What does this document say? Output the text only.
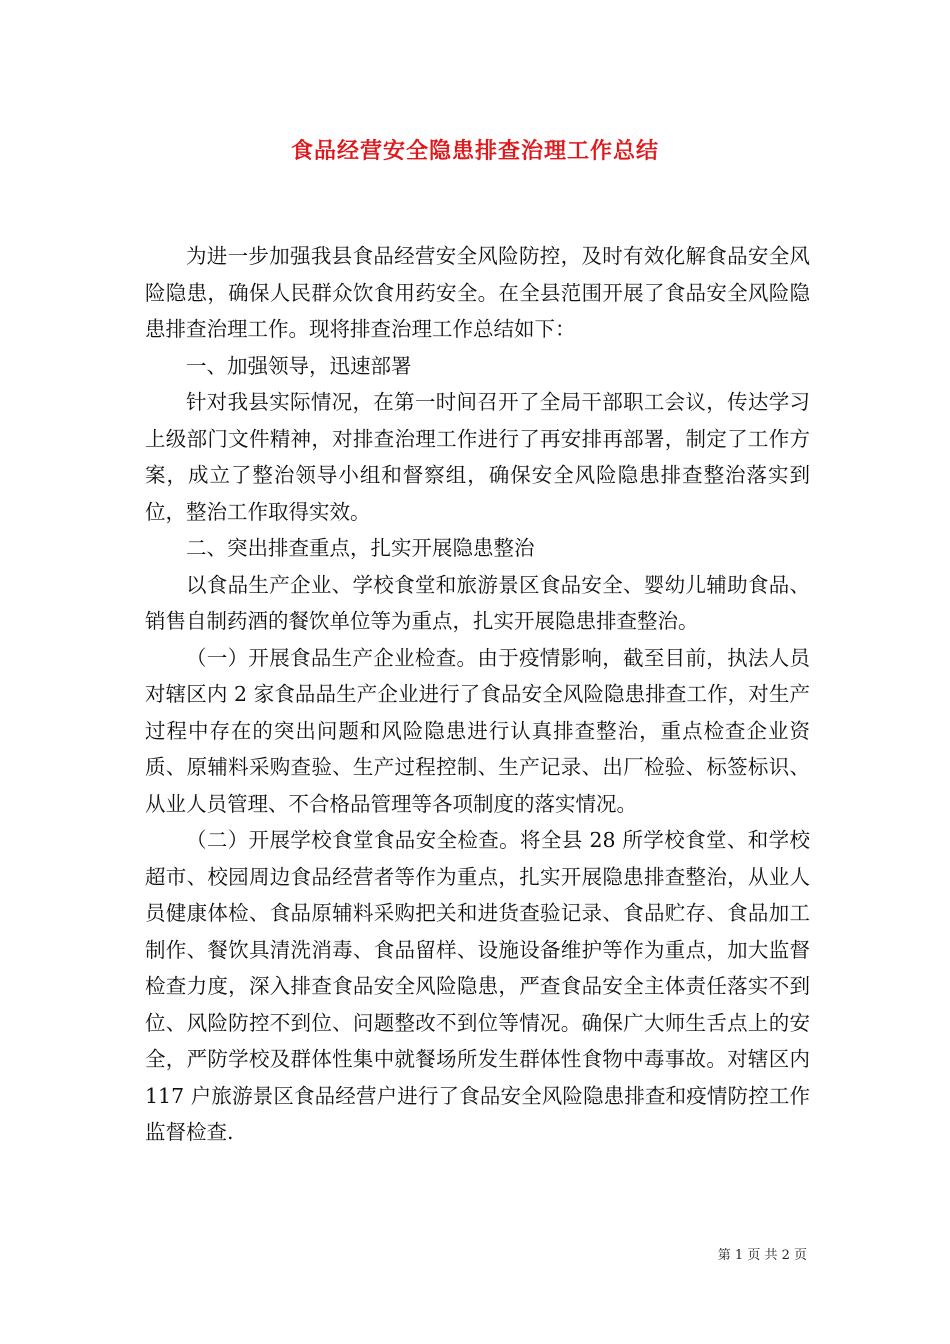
食品经营安全隐患排查治理工作总结

为进一步加强我县食品经营安全风险防控，及时有效化解食品安全风险隐患，确保人民群众饮食用药安全。在全县范围开展了食品安全风险隐患排查治理工作。现将排查治理工作总结如下：

一、加强领导，迅速部署

针对我县实际情况，在第一时间召开了全局干部职工会议，传达学习上级部门文件精神，对排查治理工作进行了再安排再部署，制定了工作方案，成立了整治领导小组和督察组，确保安全风险隐患排查整治落实到位，整治工作取得实效。

二、突出排查重点，扎实开展隐患整治

以食品生产企业、学校食堂和旅游景区食品安全、婴幼儿辅助食品、销售自制药酒的餐饮单位等为重点，扎实开展隐患排查整治。

（一）开展食品生产企业检查。由于疫情影响，截至目前，执法人员对辖区内 2 家食品品生产企业进行了食品安全风险隐患排查工作，对生产过程中存在的突出问题和风险隐患进行认真排查整治，重点检查企业资质、原辅料采购查验、生产过程控制、生产记录、出厂检验、标签标识、从业人员管理、不合格品管理等各项制度的落实情况。

（二）开展学校食堂食品安全检查。将全县 28 所学校食堂、和学校超市、校园周边食品经营者等作为重点，扎实开展隐患排查整治，从业人员健康体检、食品原辅料采购把关和进货查验记录、食品贮存、食品加工制作、餐饮具清洗消毒、食品留样、设施设备维护等作为重点，加大监督检查力度，深入排查食品安全风险隐患，严查食品安全主体责任落实不到位、风险防控不到位、问题整改不到位等情况。确保广大师生舌点上的安全，严防学校及群体性集中就餐场所发生群体性食物中毒事故。对辖区内 117 户旅游景区食品经营户进行了食品安全风险隐患排查和疫情防控工作监督检查.

第 1 页 共 2 页
